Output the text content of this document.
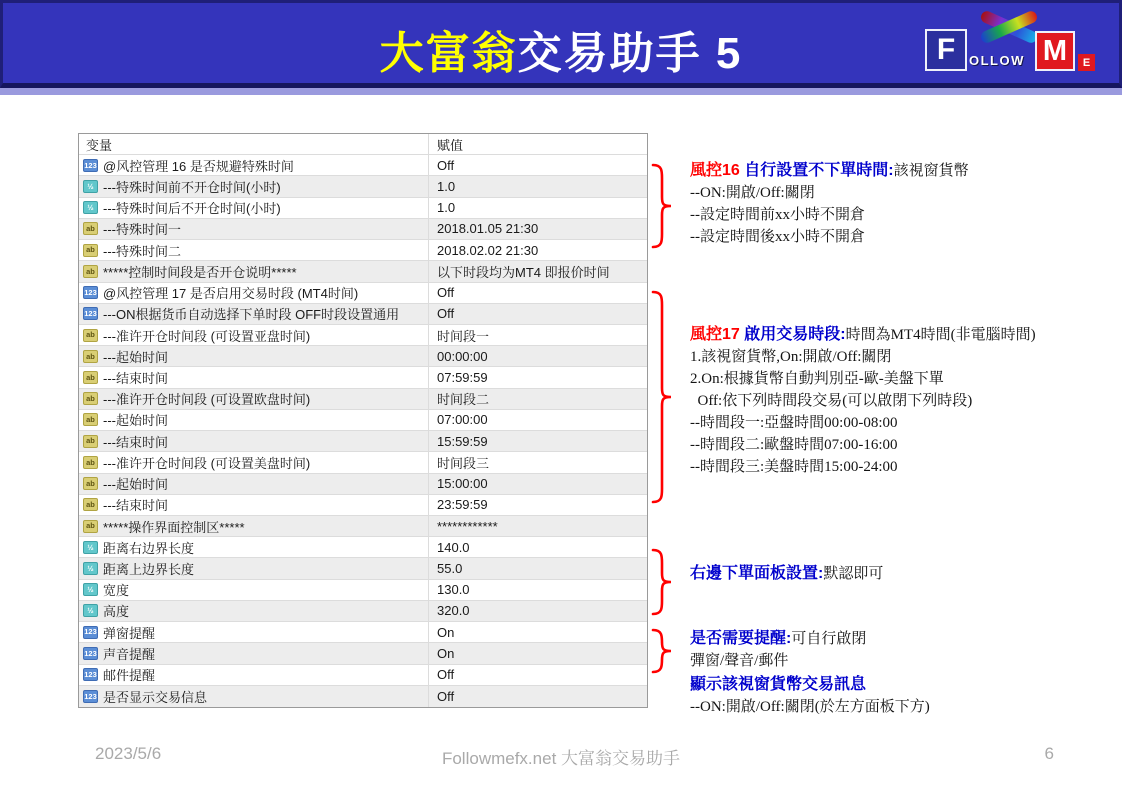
大富翁交易助手 5	F	OLLOW M	E
变量	赋值
123 @风控管理 16 是否规避特殊时间	Off
½ ---特殊时间前不开仓时间(小时)	1.0
½ ---特殊时间后不开仓时间(小时)	1.0
ab ---特殊时间一	2018.01.05 21:30
ab ---特殊时间二	2018.02.02 21:30
ab *****控制时间段是否开仓说明*****	以下时段均为MT4 即报价时间
123 @风控管理 17 是否启用交易时段 (MT4时间)	Off
123 ---ON根据货币自动选择下单时段 OFF时段设置通用	Off
ab ---准许开仓时间段 (可设置亚盘时间)	时间段一
ab ---起始时间	00:00:00
ab ---结束时间	07:59:59
ab ---准许开仓时间段 (可设置欧盘时间)	时间段二
ab ---起始时间	07:00:00
ab ---结束时间	15:59:59
ab ---准许开仓时间段 (可设置美盘时间)	时间段三
ab ---起始时间	15:00:00
ab ---结束时间	23:59:59
ab *****操作界面控制区*****	************
½ 距离右边界长度	140.0
½ 距离上边界长度	55.0
½ 宽度	130.0
½ 高度	320.0
123 弹窗提醒	On
123 声音提醒	On
123 邮件提醒	Off
123 是否显示交易信息	Off
風控16 自行設置不下單時間:該視窗貨幣
--ON:開啟/Off:關閉
--設定時間前xx小時不開倉
--設定時間後xx小時不開倉
風控17 啟用交易時段:時間為MT4時間(非電腦時間)
1.該視窗貨幣,On:開啟/Off:關閉
2.On:根據貨幣自動判別亞-歐-美盤下單
Off:依下列時間段交易(可以啟閉下列時段)
--時間段一:亞盤時間00:00-08:00
--時間段二:歐盤時間07:00-16:00
--時間段三:美盤時間15:00-24:00
右邊下單面板設置:默認即可
是否需要提醒:可自行啟閉
彈窗/聲音/郵件
顯示該視窗貨幣交易訊息
--ON:開啟/Off:關閉(於左方面板下方)
2023/5/6	Followmefx.net 大富翁交易助手	6
